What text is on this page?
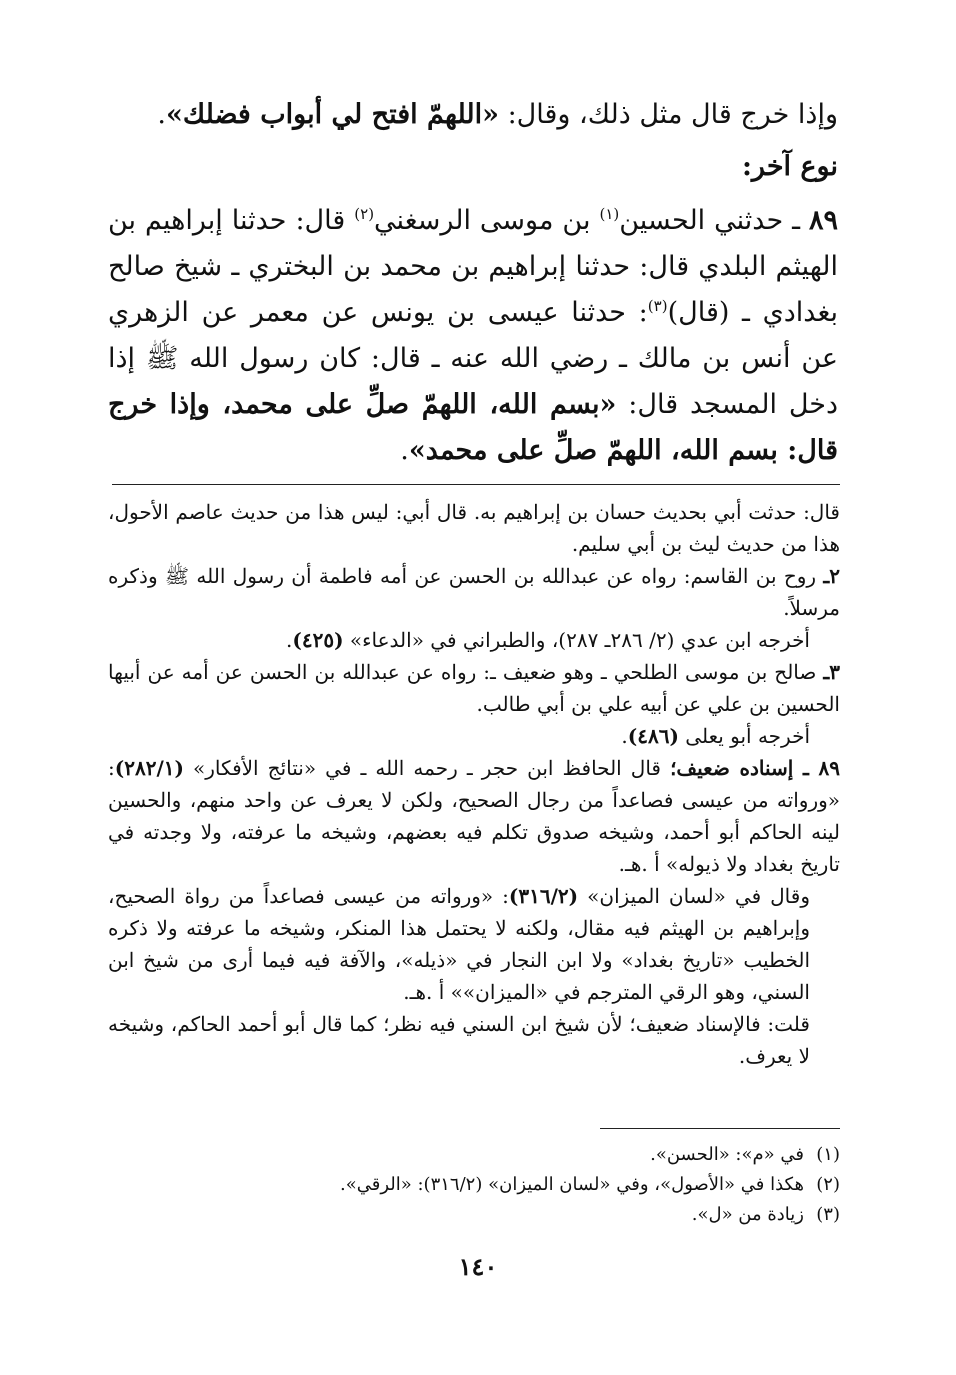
وإذا خرج قال مثل ذلك، وقال: «اللهمّ افتح لي أبواب فضلك».

نوع آخر:

٨٩ ـ حدثني الحسين$^{(١)}$ بن موسى الرسغني$^{(٢)}$ قال: حدثنا إبراهيم بن الهيثم البلدي قال: حدثنا إبراهيم بن محمد بن البختري ـ شيخ صالح بغدادي ـ (قال)$^{(٣)}$: حدثنا عيسى بن يونس عن معمر عن الزهري عن أنس بن مالك ـ رضي الله عنه ـ قال: كان رسول الله ﷺ إذا دخل المسجد قال: «بسم الله، اللهمّ صلِّ على محمد، وإذا خرج قال: بسم الله، اللهمّ صلِّ على محمد».

قال: حدثت أبي بحديث حسان بن إبراهيم به. قال أبي: ليس هذا من حديث عاصم الأحول، هذا من حديث ليث بن أبي سليم.

٢ـ روح بن القاسم: رواه عن عبدالله بن الحسن عن أمه فاطمة أن رسول الله ﷺ وذكره مرسلاً.

أخرجه ابن عدي (٢/ ٢٨٦ـ ٢٨٧)، والطبراني في «الدعاء» (٤٢٥).

٣ـ صالح بن موسى الطلحي ـ وهو ضعيف ـ: رواه عن عبدالله بن الحسن عن أمه عن أبيها الحسين بن علي عن أبيه علي بن أبي طالب.

أخرجه أبو يعلى (٤٨٦).

٨٩ ـ إسناده ضعيف؛ قال الحافظ ابن حجر ـ رحمه الله ـ في «نتائج الأفكار» (٢٨٢/١): «ورواته من عيسى فصاعداً من رجال الصحيح، ولكن لا يعرف عن واحد منهم، والحسين لينه الحاكم أبو أحمد، وشيخه صدوق تكلم فيه بعضهم، وشيخه ما عرفته، ولا وجدته في تاريخ بغداد ولا ذيوله» أ .هـ.

وقال في «لسان الميزان» (٣١٦/٢): «ورواته من عيسى فصاعداً من رواة الصحيح، وإبراهيم بن الهيثم فيه مقال، ولكنه لا يحتمل هذا المنكر، وشيخه ما عرفته ولا ذكره الخطيب «تاريخ بغداد» ولا ابن النجار في «ذيله»، والآفة فيه فيما أرى من شيخ ابن السني، وهو الرقي المترجم في «الميزان»» أ .هـ.

قلت: فالإسناد ضعيف؛ لأن شيخ ابن السني فيه نظر؛ كما قال أبو أحمد الحاكم، وشيخه لا يعرف.

(١)في «م»: «الحسن».

(٢)هكذا في «الأصول»، وفي «لسان الميزان» (٣١٦/٢): «الرقي».

(٣)زيادة من «ل».

١٤٠
